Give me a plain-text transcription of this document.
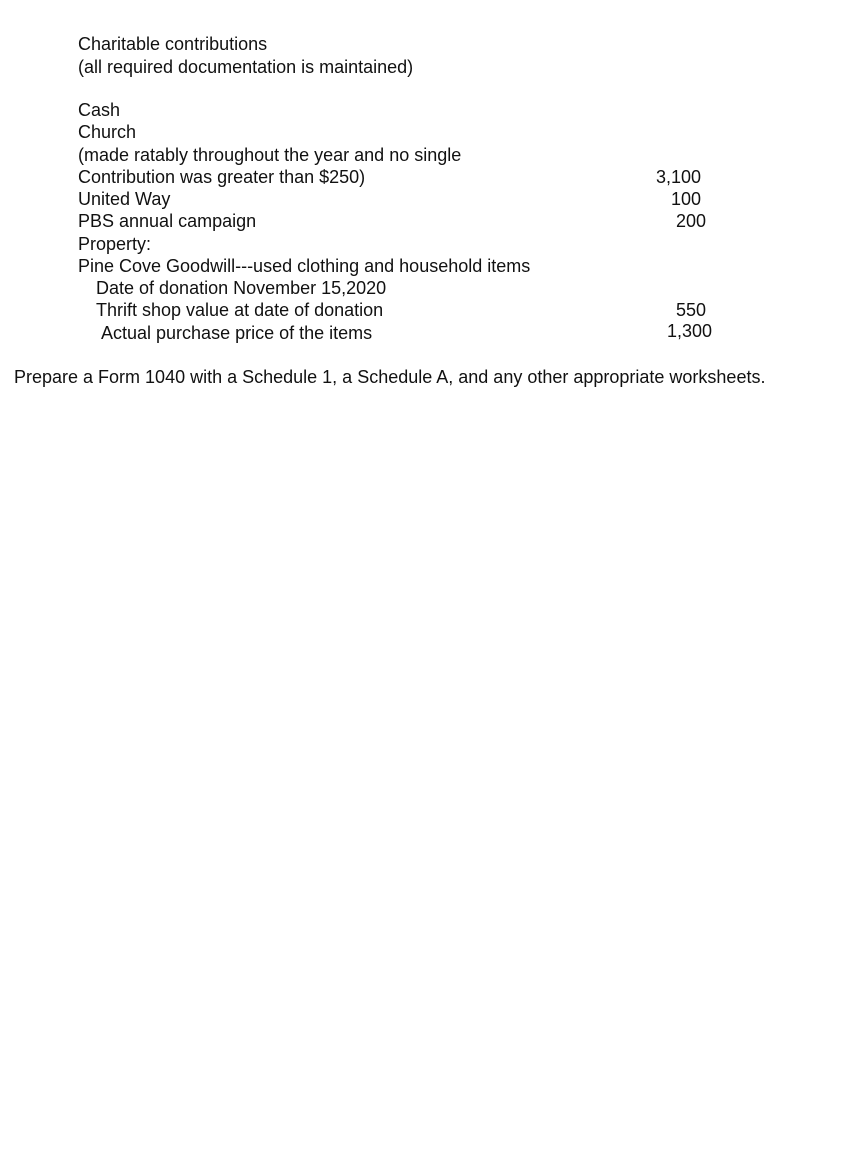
Charitable contributions
(all required documentation is maintained)
Cash
Church
(made ratably throughout the year and no single
Contribution was greater than $250)	3,100
United Way	100
PBS annual campaign	200
Property:
Pine Cove Goodwill---used clothing and household items
Date of donation November 15,2020
Thrift shop value at date of donation	550
Actual purchase price of the items	1,300
Prepare a Form 1040 with a Schedule 1, a Schedule A, and any other appropriate worksheets.
